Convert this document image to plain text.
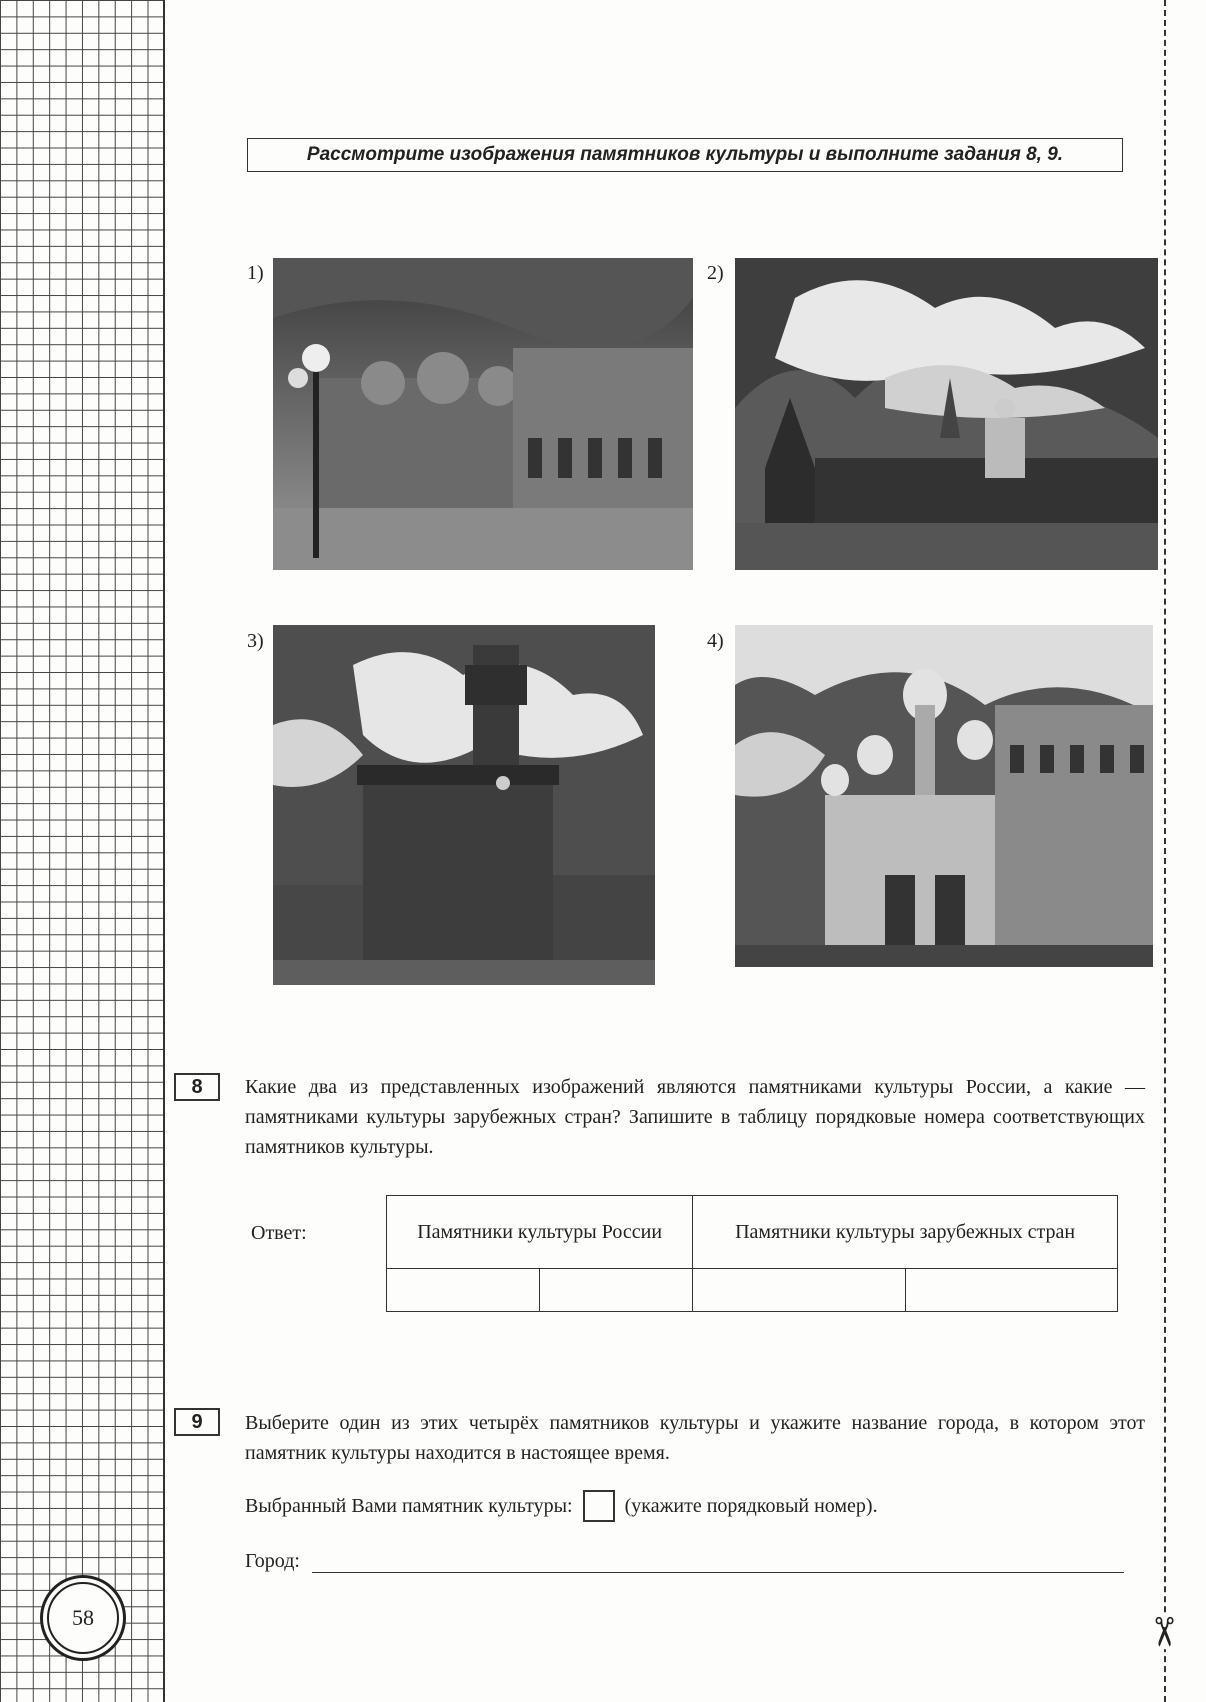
58	✂
Рассмотрите изображения памятников культуры и выполните задания 8, 9.
1)	2)
3)	4)
8	Какие два из представленных изображений являются памятниками культуры России, а какие — памятниками культуры зарубежных стран? Запишите в таблицу порядковые номера соответствующих памятников культуры.
Ответ:	Памятники культуры России		Памятники культуры зарубежных стран	

9	Выберите один из этих четырёх памятников культуры и укажите название города, в котором этот памятник культуры находится в настоящее время.
Выбранный Вами памятник культуры:	(укажите порядковый номер).
Город:
